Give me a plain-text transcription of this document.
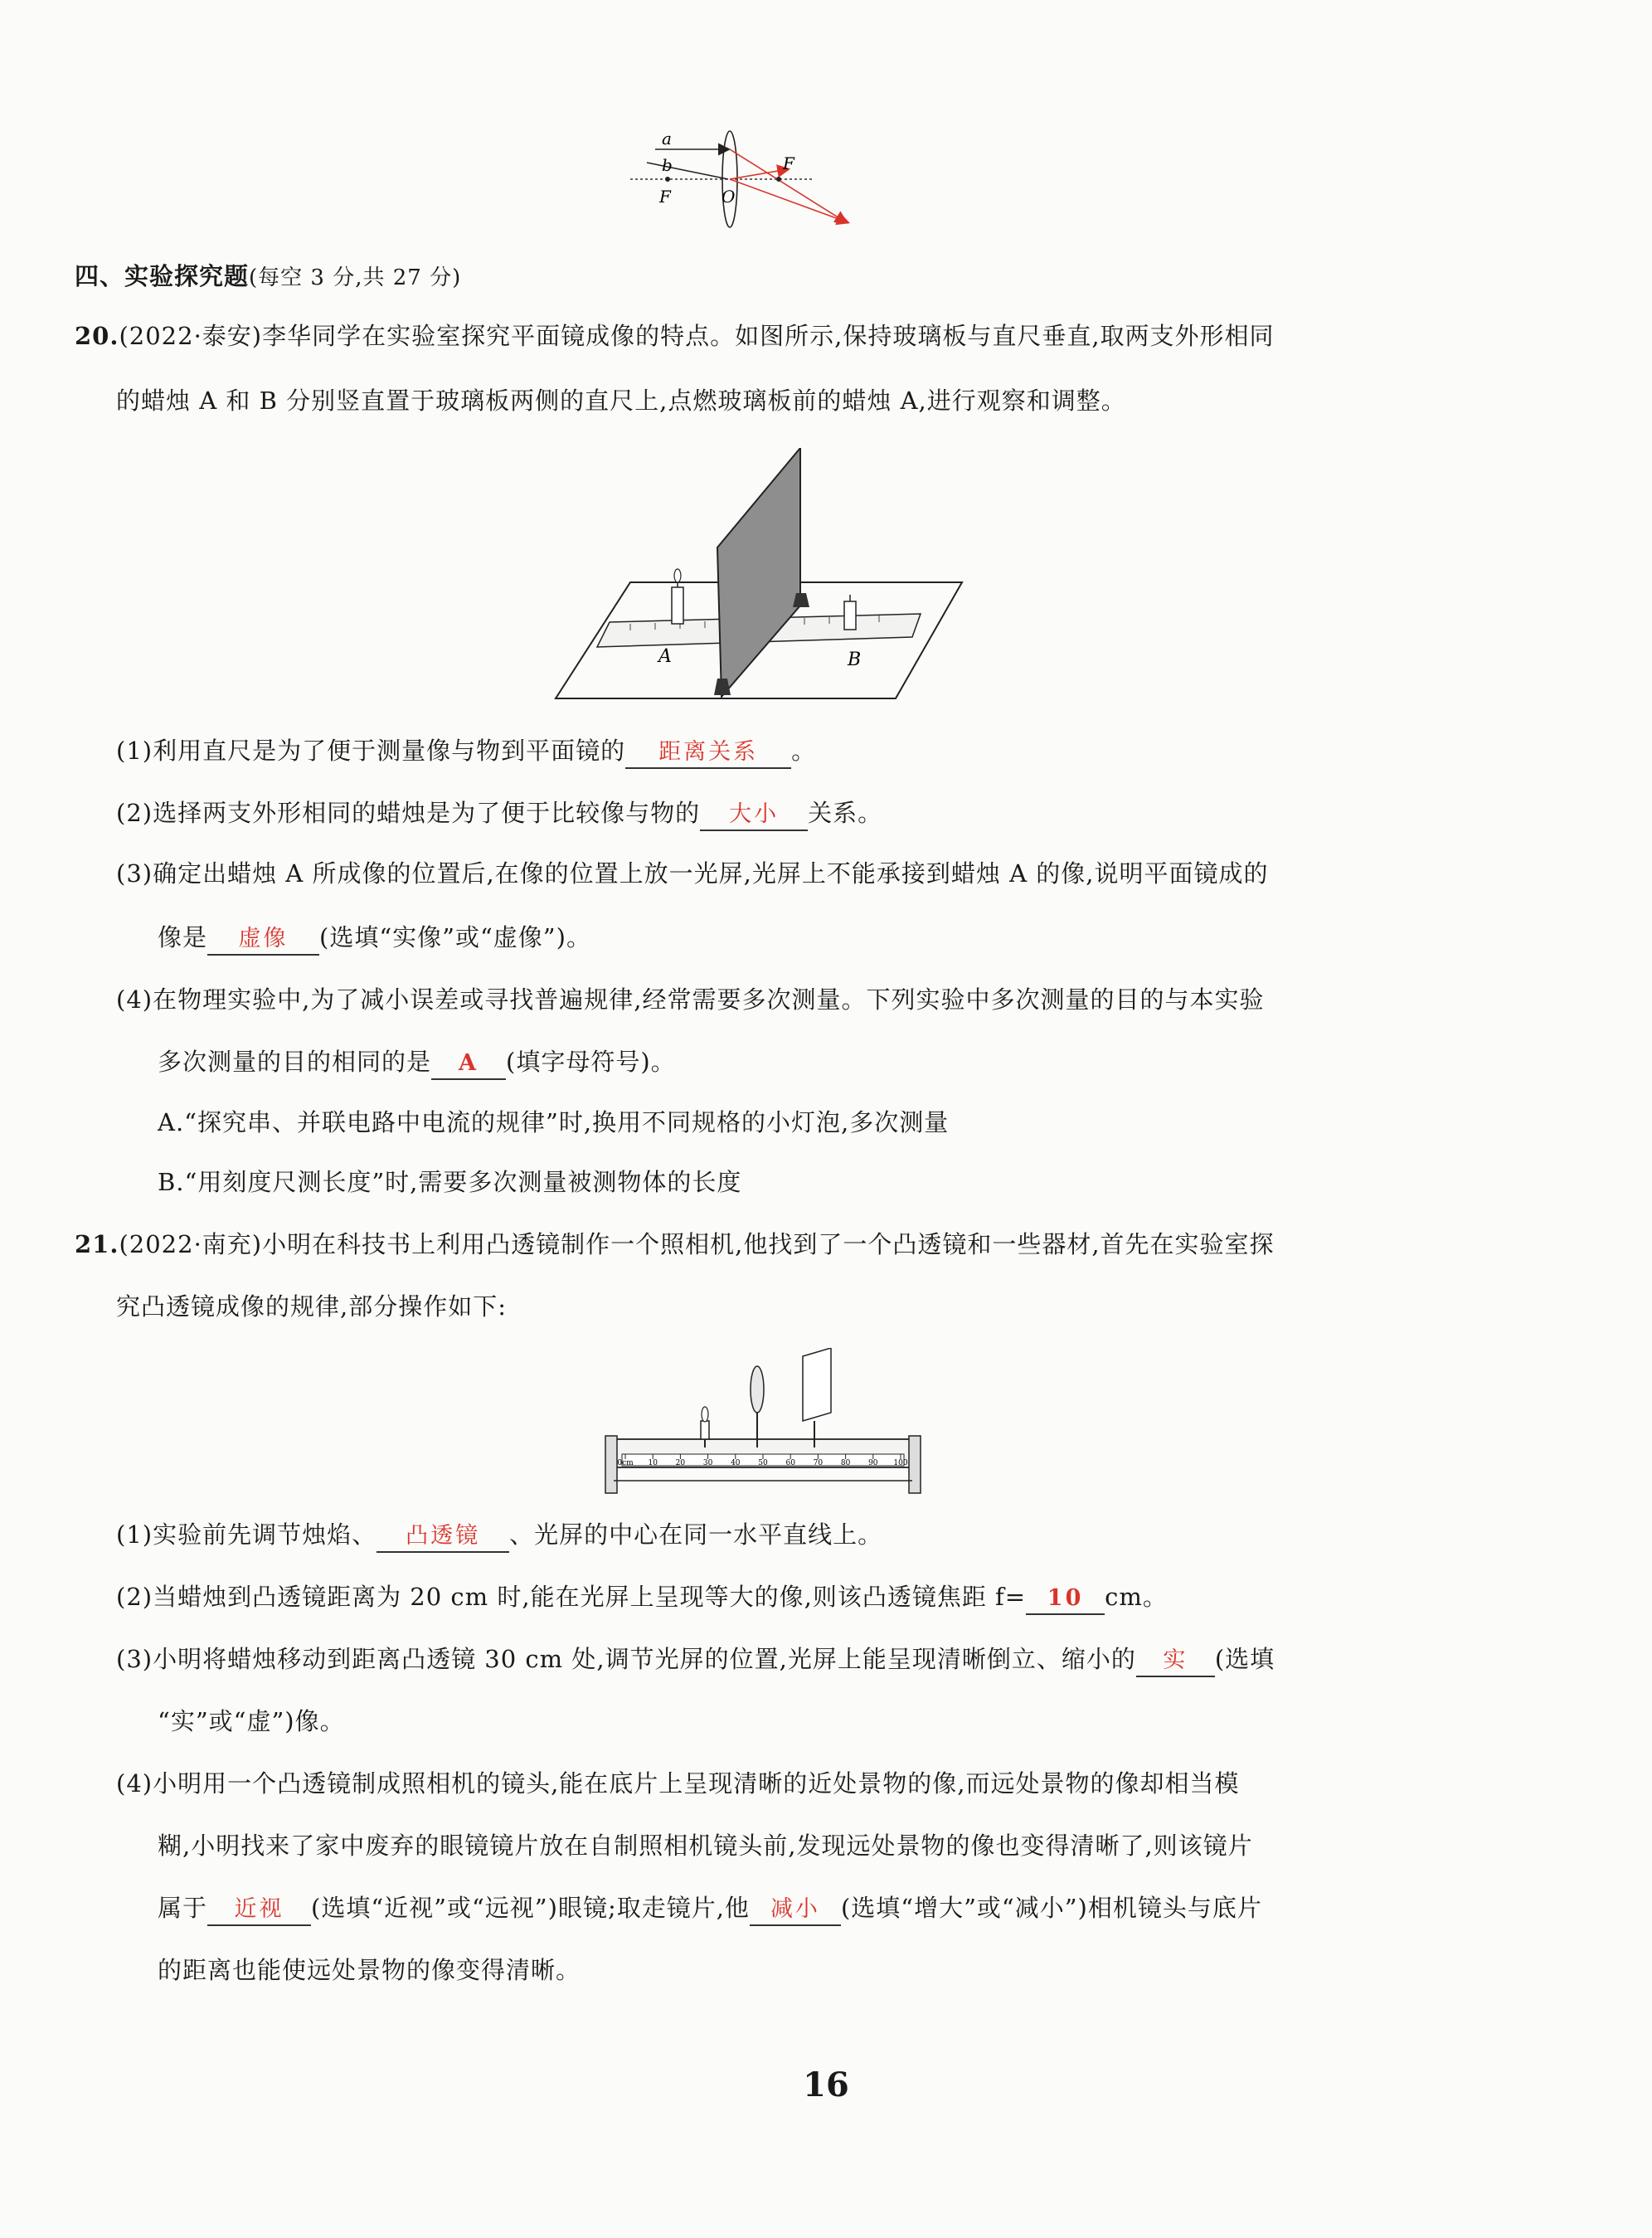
a
b
F	O
F
四、实验探究题(每空 3 分,共 27 分)
20.(2022·泰安)李华同学在实验室探究平面镜成像的特点。如图所示,保持玻璃板与直尺垂直,取两支外形相同
的蜡烛 A 和 B 分别竖直置于玻璃板两侧的直尺上,点燃玻璃板前的蜡烛 A,进行观察和调整。
A	B
(1)利用直尺是为了便于测量像与物到平面镜的 距离关系 。
(2)选择两支外形相同的蜡烛是为了便于比较像与物的 大小 关系。
(3)确定出蜡烛 A 所成像的位置后,在像的位置上放一光屏,光屏上不能承接到蜡烛 A 的像,说明平面镜成的
像是 虚像 (选填“实像”或“虚像”)。
(4)在物理实验中,为了减小误差或寻找普遍规律,经常需要多次测量。下列实验中多次测量的目的与本实验
多次测量的目的相同的是 A (填字母符号)。
A.“探究串、并联电路中电流的规律”时,换用不同规格的小灯泡,多次测量
B.“用刻度尺测长度”时,需要多次测量被测物体的长度
21.(2022·南充)小明在科技书上利用凸透镜制作一个照相机,他找到了一个凸透镜和一些器材,首先在实验室探
究凸透镜成像的规律,部分操作如下:
0cm 10 20 30 40 50 60 70 80 90 100
(1)实验前先调节烛焰、 凸透镜 、光屏的中心在同一水平直线上。
(2)当蜡烛到凸透镜距离为 20 cm 时,能在光屏上呈现等大的像,则该凸透镜焦距 f= 10 cm。
(3)小明将蜡烛移动到距离凸透镜 30 cm 处,调节光屏的位置,光屏上能呈现清晰倒立、缩小的 实 (选填
“实”或“虚”)像。
(4)小明用一个凸透镜制成照相机的镜头,能在底片上呈现清晰的近处景物的像,而远处景物的像却相当模
糊,小明找来了家中废弃的眼镜镜片放在自制照相机镜头前,发现远处景物的像也变得清晰了,则该镜片
属于 近视 (选填“近视”或“远视”)眼镜;取走镜片,他 减小 (选填“增大”或“减小”)相机镜头与底片
的距离也能使远处景物的像变得清晰。
16
